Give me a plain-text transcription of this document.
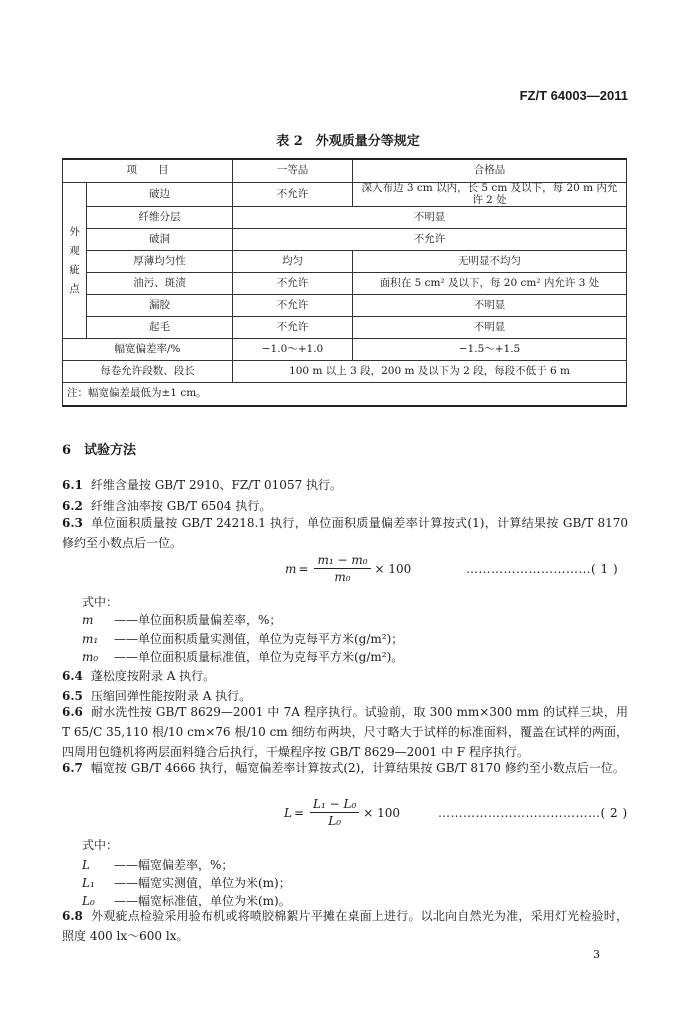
FZ/T 64003—2011
表 2　外观质量分等规定
项　　目		一等品	合格品

外
观
疵
点	破边	不允许	深入布边 3 cm 以内，长 5 cm 及以下，每 20 m 内允许 2 处
	纤维分层	不明显	
	破洞	不允许	
	厚薄均匀性	均匀	无明显不均匀
	油污、斑渍	不允许	面积在 5 cm² 及以下，每 20 cm² 内允许 3 处
	漏胶	不允许	不明显
	起毛	不允许	不明显
幅宽偏差率/%		−1.0～+1.0	−1.5～+1.5
每卷允许段数、段长		100 m 以上 3 段，200 m 及以下为 2 段，每段不低于 6 m	
注：幅宽偏差最低为±1 cm。			
6　试验方法
6.1 纤维含量按 GB/T 2910、FZ/T 01057 执行。
6.2 纤维含油率按 GB/T 6504 执行。
6.3 单位面积质量按 GB/T 24218.1 执行，单位面积质量偏差率计算按式(1)，计算结果按 GB/T 8170 修约至小数点后一位。
$m = \frac{\text{m₁ − m₀}}{\text{m₀}} \times 100$	…………………………( 1 )
式中：
m ——单位面积质量偏差率，%；
m₁ ——单位面积质量实测值，单位为克每平方米(g/m²)；
m₀ ——单位面积质量标准值，单位为克每平方米(g/m²)。
6.4 蓬松度按附录 A 执行。
6.5 压缩回弹性能按附录 A 执行。
6.6 耐水洗性按 GB/T 8629—2001 中 7A 程序执行。试验前，取 300 mm×300 mm 的试样三块，用 T 65/C 35,110 根/10 cm×76 根/10 cm 细纺布两块，尺寸略大于试样的标准面料，覆盖在试样的两面，四周用包缝机将两层面料缝合后执行，干燥程序按 GB/T 8629—2001 中 F 程序执行。
6.7 幅宽按 GB/T 4666 执行，幅宽偏差率计算按式(2)，计算结果按 GB/T 8170 修约至小数点后一位。
$L = \frac{\text{L₁ − L₀}}{\text{L₀}} \times 100$	…………………………………( 2 )
式中：
L ——幅宽偏差率，%；
L₁ ——幅宽实测值，单位为米(m)；
L₀ ——幅宽标准值，单位为米(m)。
6.8 外观疵点检验采用验布机或将喷胶棉絮片平摊在桌面上进行。以北向自然光为准，采用灯光检验时，照度 400 lx～600 lx。
3
